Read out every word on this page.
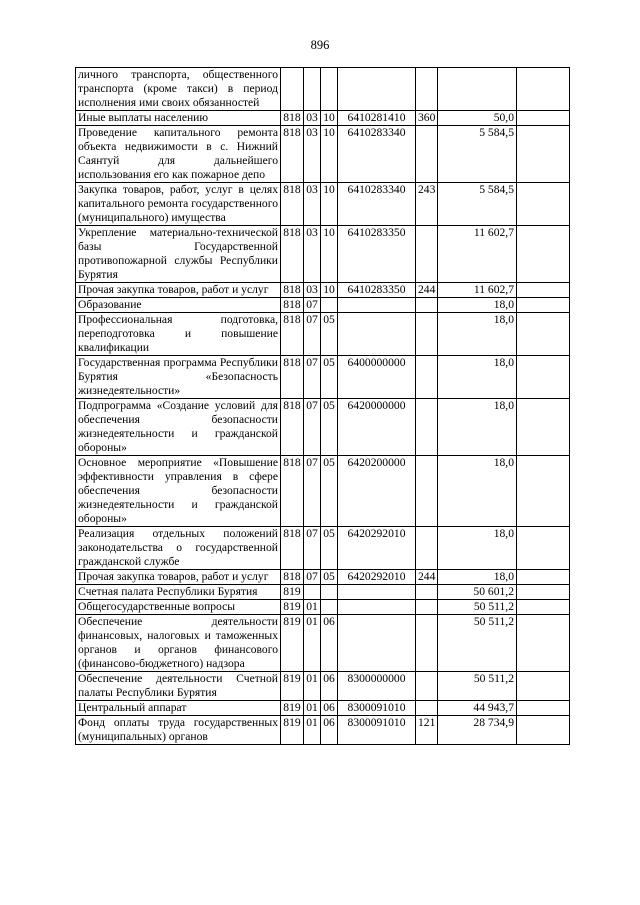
896
личного транспорта, общественного транспорта (кроме такси) в период исполнения ими своих обязанностей							
Иные выплаты населению	818	03	10	6410281410	360	50,0	
Проведение капитального ремонта объекта недвижимости в с. Нижний Саянтуй для дальнейшего использования его как пожарное депо	818	03	10	6410283340		5 584,5	
Закупка товаров, работ, услуг в целях капитального ремонта государственного (муниципального) имущества	818	03	10	6410283340	243	5 584,5	
Укрепление материально-технической базы Государственной противопожарной службы Республики Бурятия	818	03	10	6410283350		11 602,7	
Прочая закупка товаров, работ и услуг	818	03	10	6410283350	244	11 602,7	
Образование	818	07				18,0	
Профессиональная подготовка, переподготовка и повышение квалификации	818	07	05			18,0	
Государственная программа Республики Бурятия «Безопасность жизнедеятельности»	818	07	05	6400000000		18,0	
Подпрограмма «Создание условий для обеспечения безопасности жизнедеятельности и гражданской обороны»	818	07	05	6420000000		18,0	
Основное мероприятие «Повышение эффективности управления в сфере обеспечения безопасности жизнедеятельности и гражданской обороны»	818	07	05	6420200000		18,0	
Реализация отдельных положений законодательства о государственной гражданской службе	818	07	05	6420292010		18,0	
Прочая закупка товаров, работ и услуг	818	07	05	6420292010	244	18,0	
Счетная палата Республики Бурятия	819					50 601,2	
Общегосударственные вопросы	819	01				50 511,2	
Обеспечение деятельности финансовых, налоговых и таможенных органов и органов финансового (финансово-бюджетного) надзора	819	01	06			50 511,2	
Обеспечение деятельности Счетной палаты Республики Бурятия	819	01	06	8300000000		50 511,2	
Центральный аппарат	819	01	06	8300091010		44 943,7	
Фонд оплаты труда государственных (муниципальных) органов	819	01	06	8300091010	121	28 734,9	
